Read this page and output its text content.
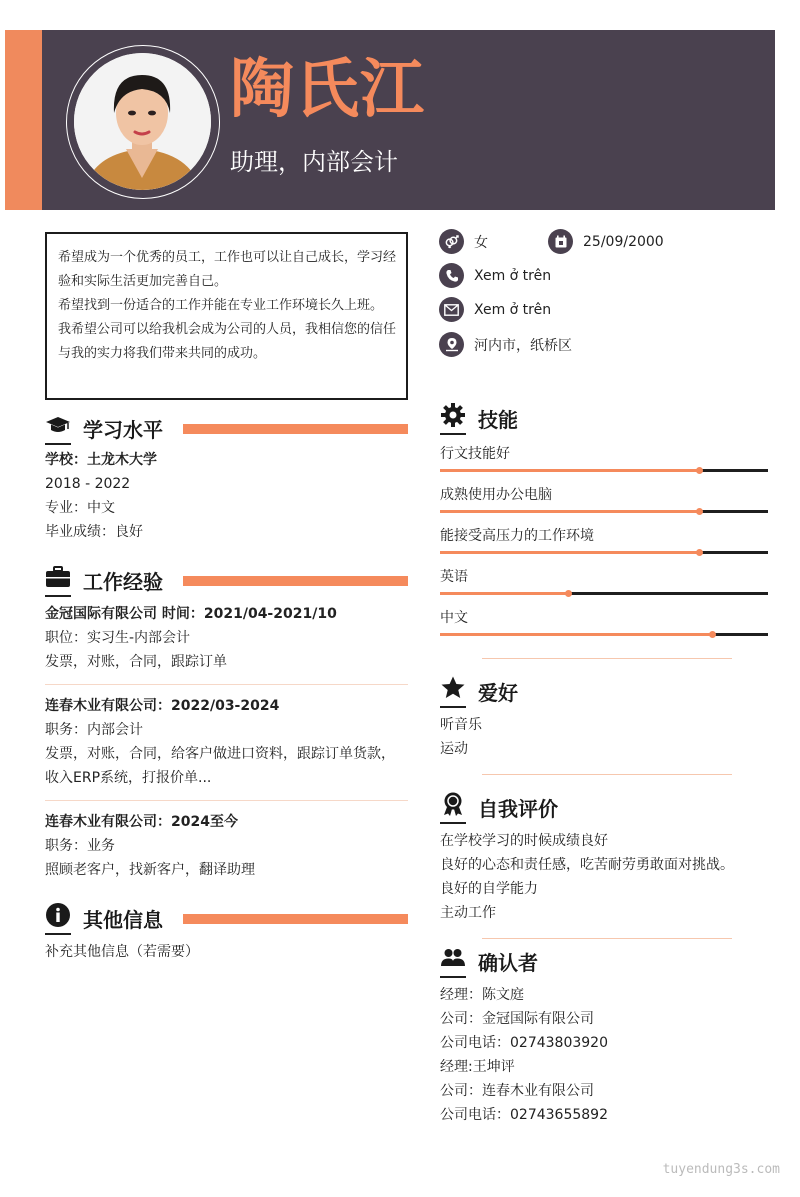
陶氏江
助理，内部会计

希望成为一个优秀的员工，工作也可以让自己成长，学习经验和实际生活更加完善自己。

希望找到一份适合的工作并能在专业工作环境长久上班。

我希望公司可以给我机会成为公司的人员，我相信您的信任与我的实力将我们带来共同的成功。

女	25/09/2000
Xem ở trên
Xem ở trên
河内市，纸桥区
学习水平
学校：土龙木大学
2018 - 2022
专业：中文
毕业成绩：良好
工作经验
金冠国际有限公司 时间：2021/04-2021/10
职位：实习生-内部会计
发票，对账，合同，跟踪订单
连春木业有限公司：2022/03-2024
职务：内部会计
发票，对账，合同，给客户做进口资料，跟踪订单货款，
收入ERP系统，打报价单...
连春木业有限公司：2024至今
职务：业务
照顾老客户，找新客户，翻译助理
其他信息
补充其他信息（若需要）
技能
行文技能好
成熟使用办公电脑
能接受高压力的工作环境
英语
中文
爱好
听音乐
运动
自我评价
在学校学习的时候成绩良好
良好的心态和责任感，吃苦耐劳勇敢面对挑战。
良好的自学能力
主动工作
确认者
经理：陈文庭
公司：金冠国际有限公司
公司电话：02743803920
经理:王坤评
公司：连春木业有限公司
公司电话：02743655892
tuyendung3s.com
